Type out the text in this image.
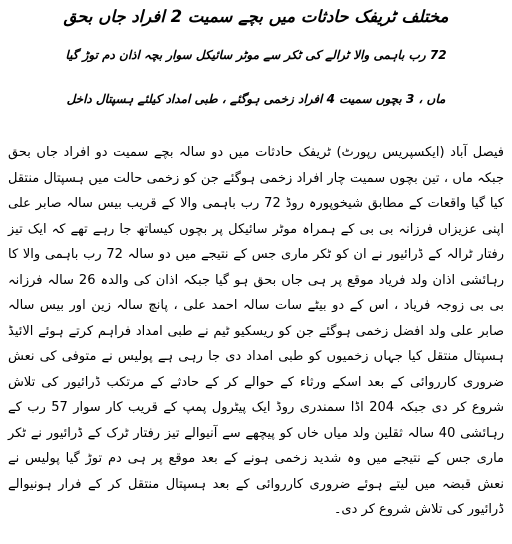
مختلف ٹریفک حادثات میں بچے سمیت 2 افراد جاں بحق
72 رب باہمی والا ٹرالے کی ٹکر سے موٹر سائیکل سوار بچہ اذان دم توڑ گیا
ماں ، 3 بچوں سمیت 4 افراد زخمی ہوگئے ، طبی امداد کیلئے ہسپتال داخل

فیصل آباد (ایکسپریس رپورٹ) ٹریفک حادثات میں دو سالہ بچے سمیت دو افراد جاں بحق جبکہ ماں ، تین بچوں سمیت چار افراد زخمی ہوگئے جن کو زخمی حالت میں ہسپتال منتقل کیا گیا واقعات کے مطابق شیخوپورہ روڈ 72 رب باہمی والا کے قریب بیس سالہ صابر علی اپنی عزیزاں فرزانہ بی بی کے ہمراہ موٹر سائیکل پر بچوں کیساتھ جا رہے تھے کہ ایک تیز رفتار ٹرالہ کے ڈرائیور نے ان کو ٹکر ماری جس کے نتیجے میں دو سالہ 72 رب باہمی والا کا رہائشی اذان ولد فریاد موقع پر ہی جاں بحق ہو گیا جبکہ اذان کی والدہ 26 سالہ فرزانہ بی بی زوجہ فریاد ، اس کے دو بیٹے سات سالہ احمد علی ، پانچ سالہ زین اور بیس سالہ صابر علی ولد افضل زخمی ہوگئے جن کو ریسکیو ٹیم نے طبی امداد فراہم کرتے ہوئے الائیڈ ہسپتال منتقل کیا جہاں زخمیوں کو طبی امداد دی جا رہی ہے پولیس نے متوفی کی نعش ضروری کارروائی کے بعد اسکے ورثاء کے حوالے کر کے حادثے کے مرتکب ڈرائیور کی تلاش شروع کر دی جبکہ 204 اڈا سمندری روڈ ایک پیٹرول پمپ کے قریب کار سوار 57 رب کے رہائشی 40 سالہ ثقلین ولد میاں خاں کو پیچھے سے آنیوالے تیز رفتار ٹرک کے ڈرائیور نے ٹکر ماری جس کے نتیجے میں وہ شدید زخمی ہونے کے بعد موقع پر ہی دم توڑ گیا پولیس نے نعش قبضہ میں لیتے ہوئے ضروری کارروائی کے بعد ہسپتال منتقل کر کے فرار ہونیوالے ڈرائیور کی تلاش شروع کر دی۔
